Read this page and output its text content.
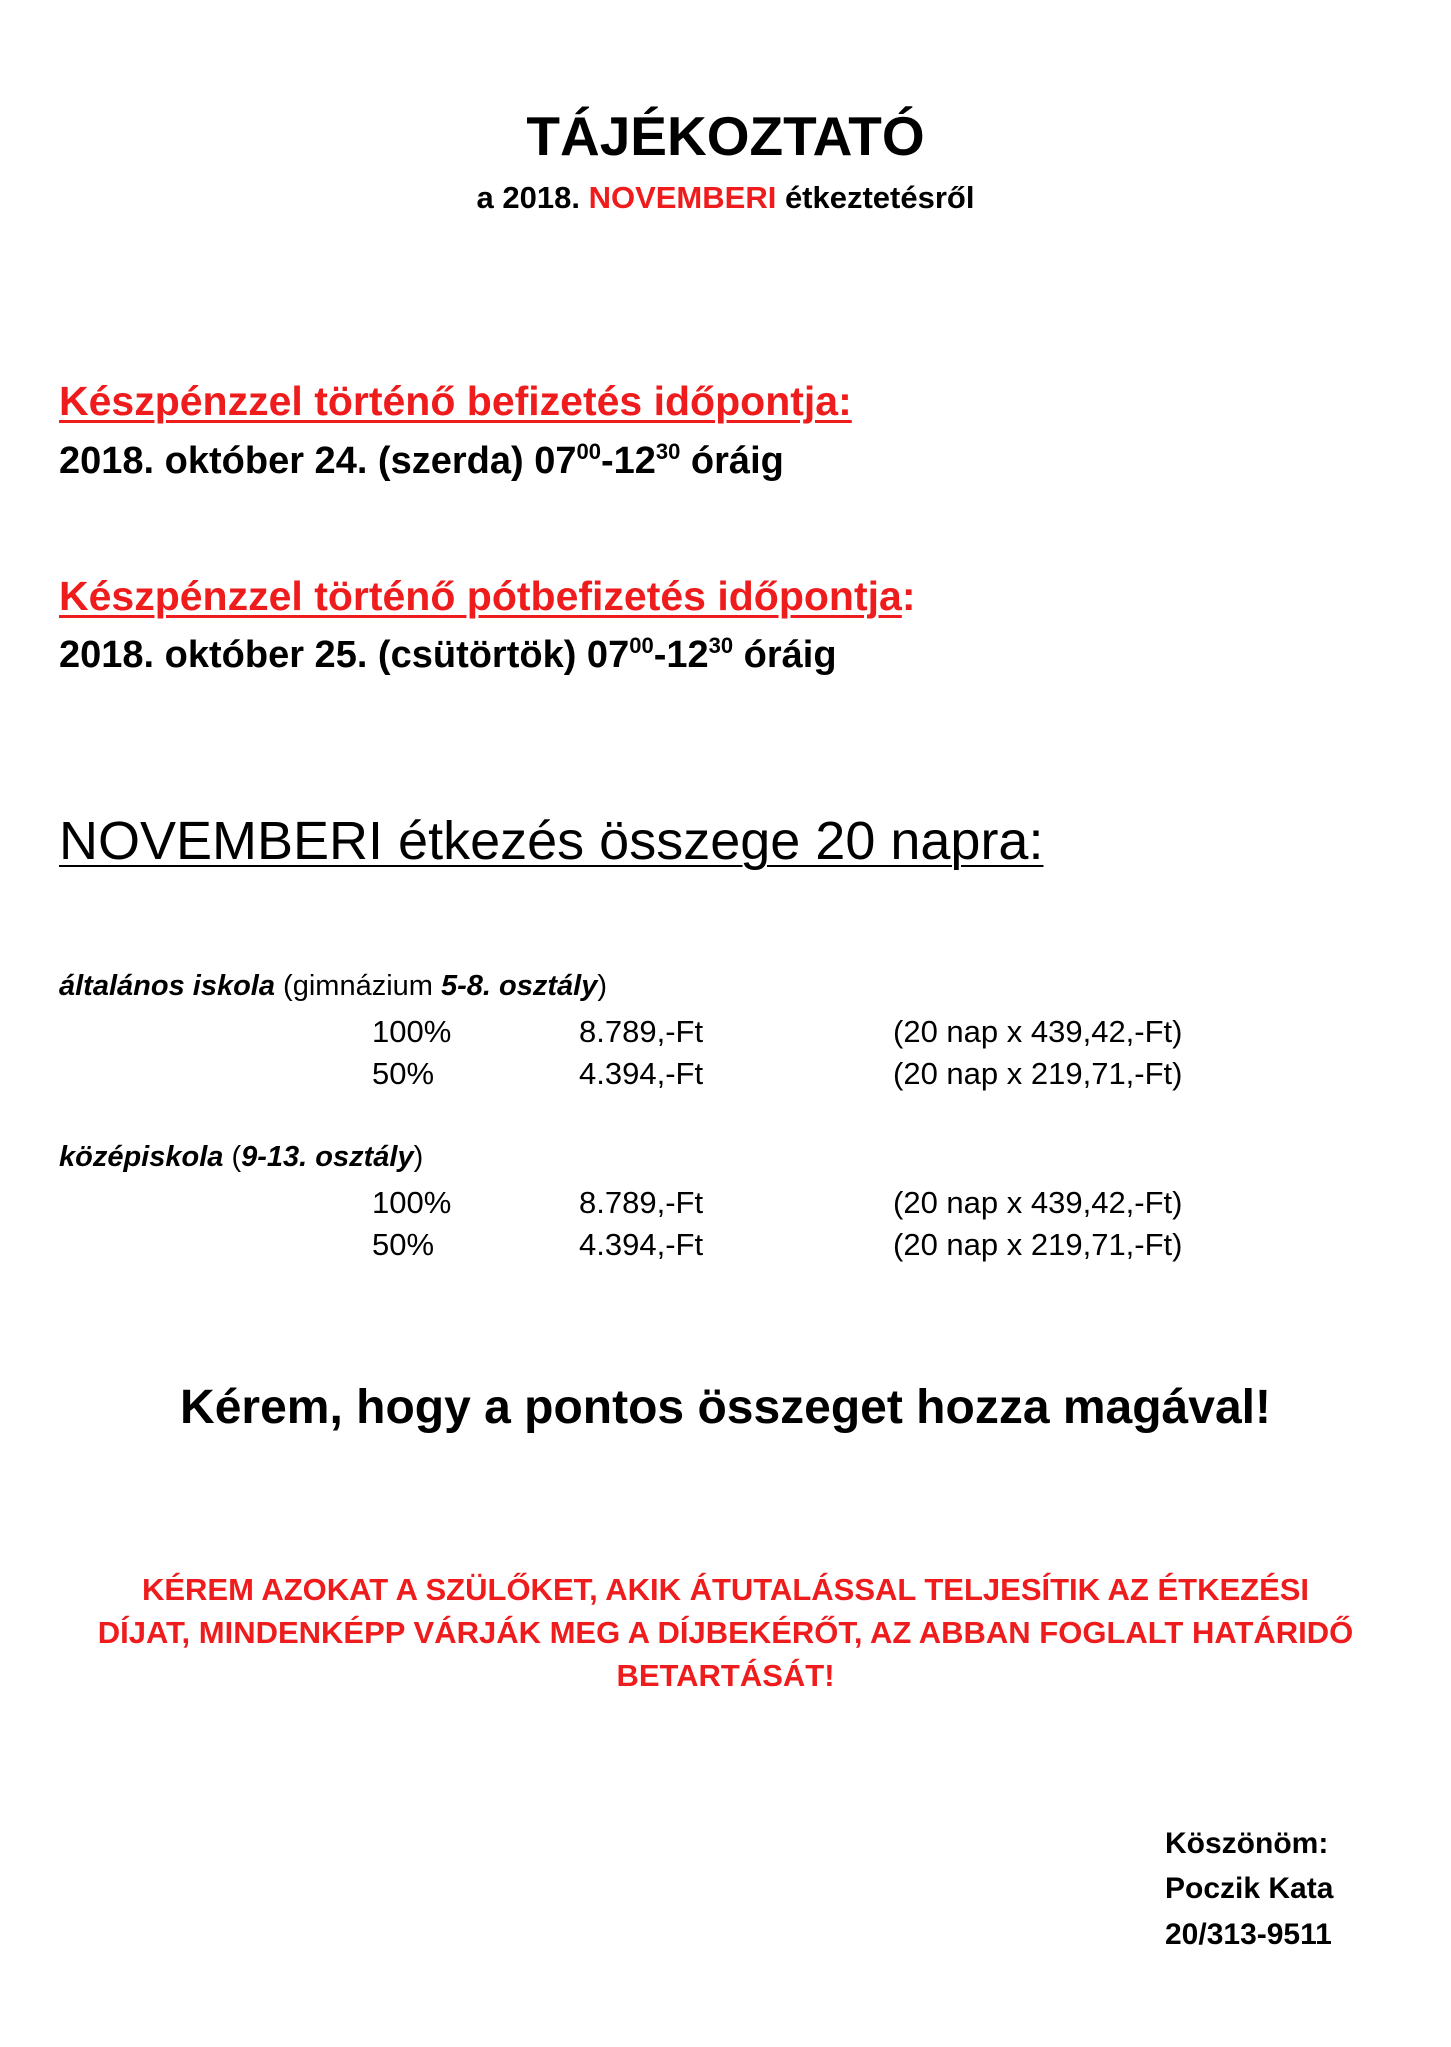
TÁJÉKOZTATÓ
a 2018. NOVEMBERI étkeztetésről
Készpénzzel történő befizetés időpontja:
2018. október 24. (szerda) $07^{00}-12^{30}$ óráig
Készpénzzel történő pótbefizetés időpontja:
2018. október 25. (csütörtök) $07^{00}-12^{30}$ óráig
NOVEMBERI étkezés összege 20 napra:
általános iskola (gimnázium 5-8. osztály)
100%	8.789,-Ft	(20 nap x 439,42,-Ft)
50%	4.394,-Ft	(20 nap x 219,71,-Ft)
középiskola (9-13. osztály)
100%	8.789,-Ft	(20 nap x 439,42,-Ft)
50%	4.394,-Ft	(20 nap x 219,71,-Ft)
Kérem, hogy a pontos összeget hozza magával!
KÉREM AZOKAT A SZÜLŐKET, AKIK ÁTUTALÁSSAL TELJESÍTIK AZ ÉTKEZÉSI
DÍJAT, MINDENKÉPP VÁRJÁK MEG A DÍJBEKÉRŐT, AZ ABBAN FOGLALT HATÁRIDŐ
BETARTÁSÁT!
Köszönöm:
Poczik Kata
20/313-9511
